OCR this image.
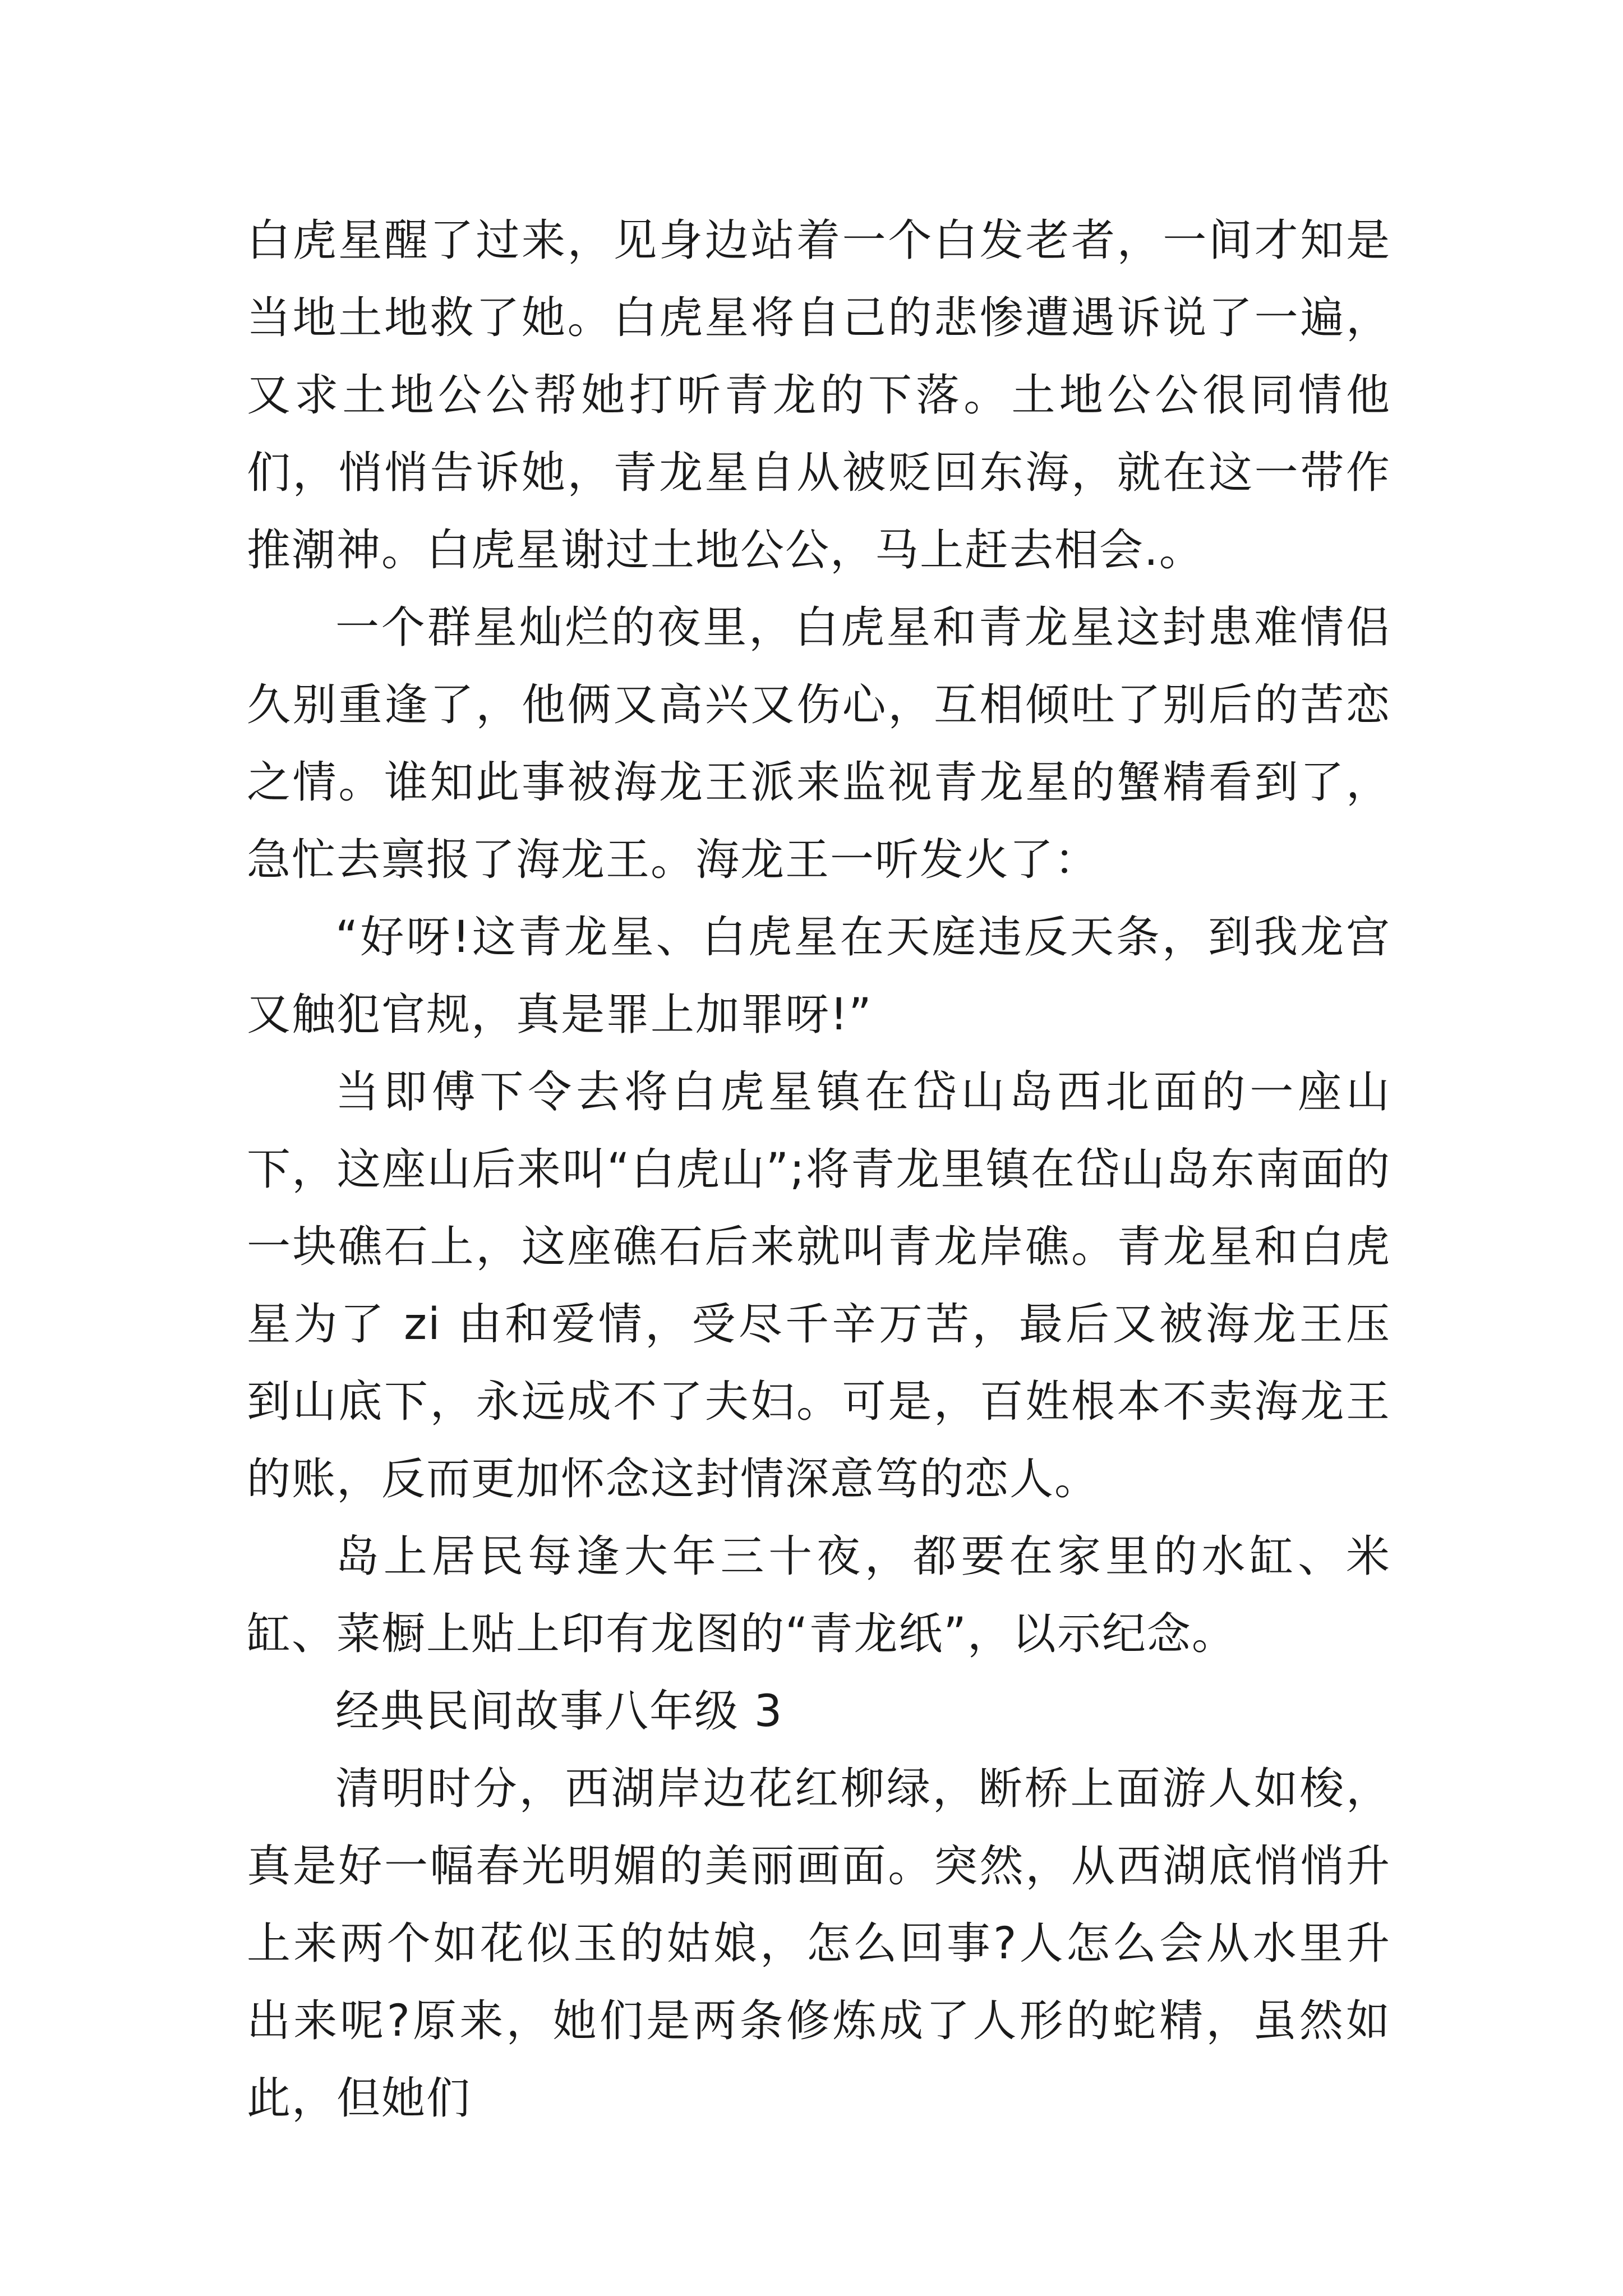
白虎星醒了过来，见身边站着一个白发老者，一间才知是当地土地救了她。白虎星将自己的悲惨遭遇诉说了一遍，又求土地公公帮她打听青龙的下落。土地公公很同情他们，悄悄告诉她，青龙星自从被贬回东海，就在这一带作推潮神。白虎星谢过土地公公，马上赶去相会.。

一个群星灿烂的夜里，白虎星和青龙星这封患难情侣久别重逢了，他俩又高兴又伤心，互相倾吐了别后的苦恋之情。谁知此事被海龙王派来监视青龙星的蟹精看到了，急忙去禀报了海龙王。海龙王一听发火了：

“好呀!这青龙星、白虎星在天庭违反天条，到我龙宫又触犯官规，真是罪上加罪呀!”

当即傅下令去将白虎星镇在岱山岛西北面的一座山下，这座山后来叫“白虎山”;将青龙里镇在岱山岛东南面的一块礁石上，这座礁石后来就叫青龙岸礁。青龙星和白虎星为了 zi 由和爱情，受尽千辛万苦，最后又被海龙王压到山底下，永远成不了夫妇。可是，百姓根本不卖海龙王的账，反而更加怀念这封情深意笃的恋人。

岛上居民每逢大年三十夜，都要在家里的水缸、米缸、菜橱上贴上印有龙图的“青龙纸”，以示纪念。

经典民间故事八年级 3

清明时分，西湖岸边花红柳绿，断桥上面游人如梭，真是好一幅春光明媚的美丽画面。突然，从西湖底悄悄升上来两个如花似玉的姑娘，怎么回事?人怎么会从水里升出来呢?原来，她们是两条修炼成了人形的蛇精，虽然如此，但她们
